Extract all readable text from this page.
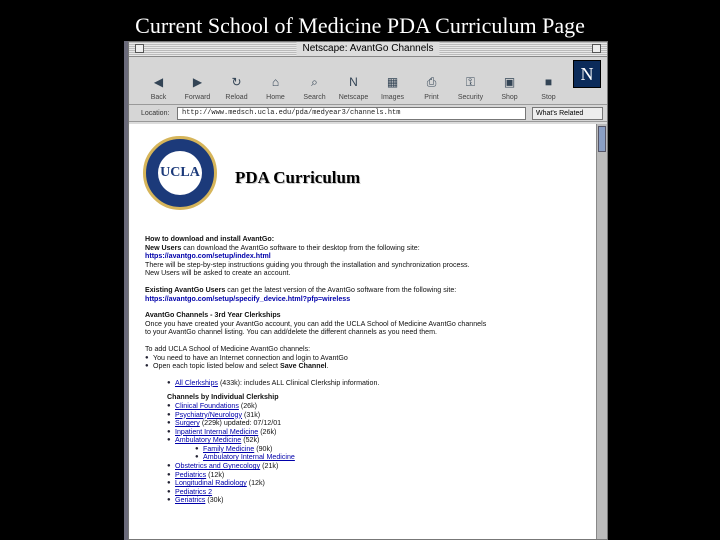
Current School of Medicine PDA Curriculum Page
Netscape: AvantGo Channels
◀
Back
▶
Forward
↻
Reload
⌂
Home
⌕
Search
N
Netscape
▦
Images
⎙
Print
⚿
Security
▣
Shop
■
Stop
N
Location:	http://www.medsch.ucla.edu/pda/medyear3/channels.htm	What's Related
UCLA PDA Curriculum

How to download and install AvantGo:
New Users can download the AvantGo software to their desktop from the following site:
https://avantgo.com/setup/index.html
There will be step-by-step instructions guiding you through the installation and synchronization process.
New Users will be asked to create an account.

Existing AvantGo Users can get the latest version of the AvantGo software from the following site:
https://avantgo.com/setup/specify_device.html?pfp=wireless

AvantGo Channels - 3rd Year Clerkships
Once you have created your AvantGo account, you can add the UCLA School of Medicine AvantGo channels
to your AvantGo channel listing. You can add/delete the different channels as you need them.

To add UCLA School of Medicine AvantGo channels:
● You need to have an Internet connection and login to AvantGo
● Open each topic listed below and select Save Channel.
● All Clerkships (433k): includes ALL Clinical Clerkship information.
Channels by Individual Clerkship
● Clinical Foundations (26k)
● Psychiatry/Neurology (31k)
● Surgery (229k) updated: 07/12/01
● Inpatient Internal Medicine (26k)
● Ambulatory Medicine (52k)
● Family Medicine (90k)
● Ambulatory Internal Medicine
● Obstetrics and Gynecology (21k)
● Pediatrics (12k)
● Longitudinal Radiology (12k)
● Pediatrics 2
● Geriatrics (30k)
